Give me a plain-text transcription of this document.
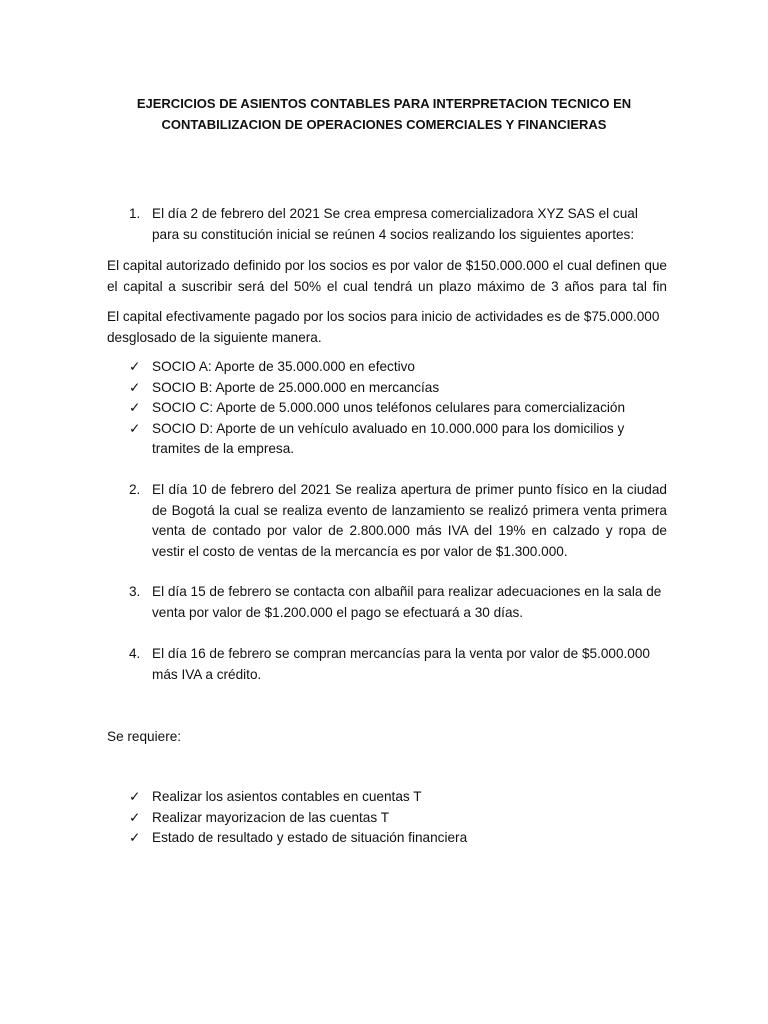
EJERCICIOS DE ASIENTOS CONTABLES PARA INTERPRETACION TECNICO EN
CONTABILIZACION DE OPERACIONES COMERCIALES Y FINANCIERAS
1. El día 2 de febrero del 2021 Se crea empresa comercializadora XYZ SAS el cual para su constitución inicial se reúnen 4 socios realizando los siguientes aportes:
El capital autorizado definido por los socios es por valor de $150.000.000 el cual definen que el capital a suscribir será del 50% el cual tendrá un plazo máximo de 3 años para tal fin
El capital efectivamente pagado por los socios para inicio de actividades es de $75.000.000 desglosado de la siguiente manera.
✓ SOCIO A: Aporte de 35.000.000 en efectivo
✓ SOCIO B: Aporte de 25.000.000 en mercancías
✓ SOCIO C: Aporte de 5.000.000 unos teléfonos celulares para comercialización
✓ SOCIO D: Aporte de un vehículo avaluado en 10.000.000 para los domicilios y tramites de la empresa.
2. El día 10 de febrero del 2021 Se realiza apertura de primer punto físico en la ciudad de Bogotá la cual se realiza evento de lanzamiento se realizó primera venta primera venta de contado por valor de 2.800.000 más IVA del 19% en calzado y ropa de vestir el costo de ventas de la mercancía es por valor de $1.300.000.
3. El día 15 de febrero se contacta con albañil para realizar adecuaciones en la sala de venta por valor de $1.200.000 el pago se efectuará a 30 días.
4. El día 16 de febrero se compran mercancías para la venta por valor de $5.000.000 más IVA a crédito.
Se requiere:
✓ Realizar los asientos contables en cuentas T
✓ Realizar mayorizacion de las cuentas T
✓ Estado de resultado y estado de situación financiera
